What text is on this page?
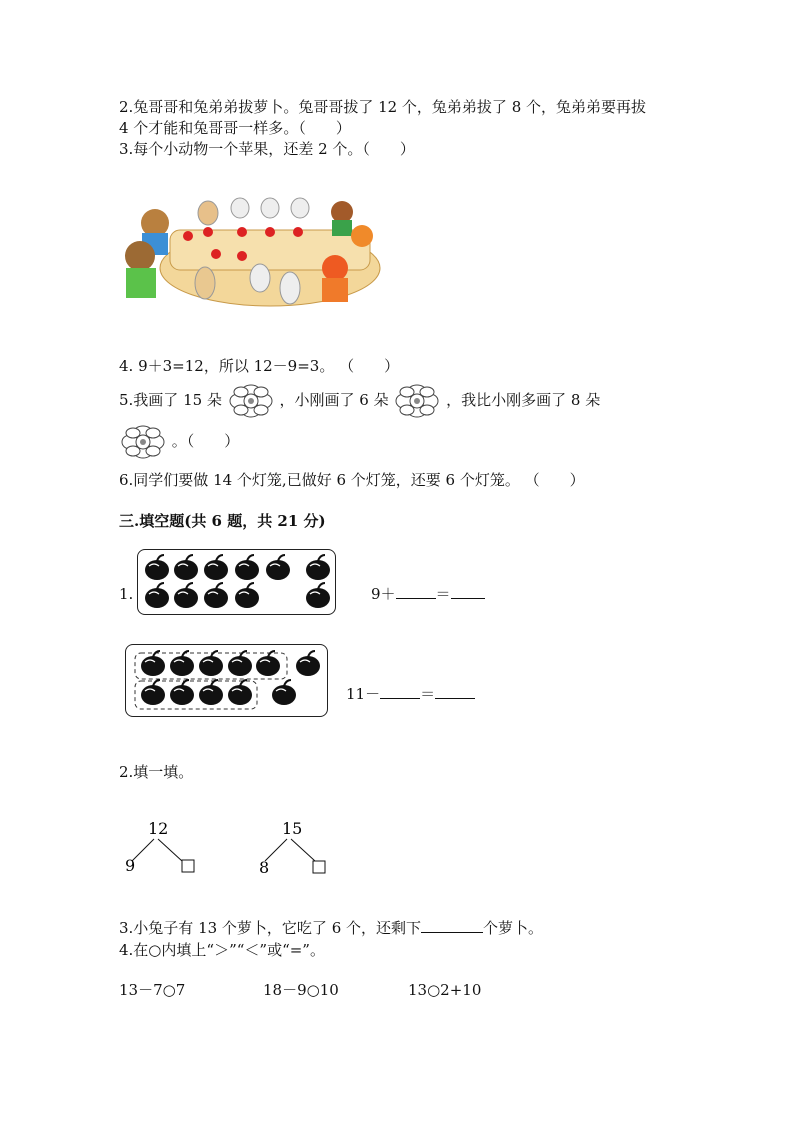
2.兔哥哥和兔弟弟拔萝卜。兔哥哥拔了 12 个，兔弟弟拔了 8 个，兔弟弟要再拔
4 个才能和兔哥哥一样多。（　　）
3.每个小动物一个苹果，还差 2 个。（　　）
4. 9＋3=12，所以 12－9=3。 （　　）
5.我画了 15 朵	，小刚画了 6 朵	，我比小刚多画了 8 朵
。（　　）
6.同学们要做 14 个灯笼,已做好 6 个灯笼，还要 6 个灯笼。 （　　）
三.填空题(共 6 题，共 21 分)
1.	9＋	＝
11－	＝
2.填一填。
12
9
15
8
3.小兔子有 13 个萝卜，它吃了 6 个，还剩下	个萝卜。
4.在○内填上“＞”“＜”或“=”。
13－7○7	18－9○10	13○2+10
